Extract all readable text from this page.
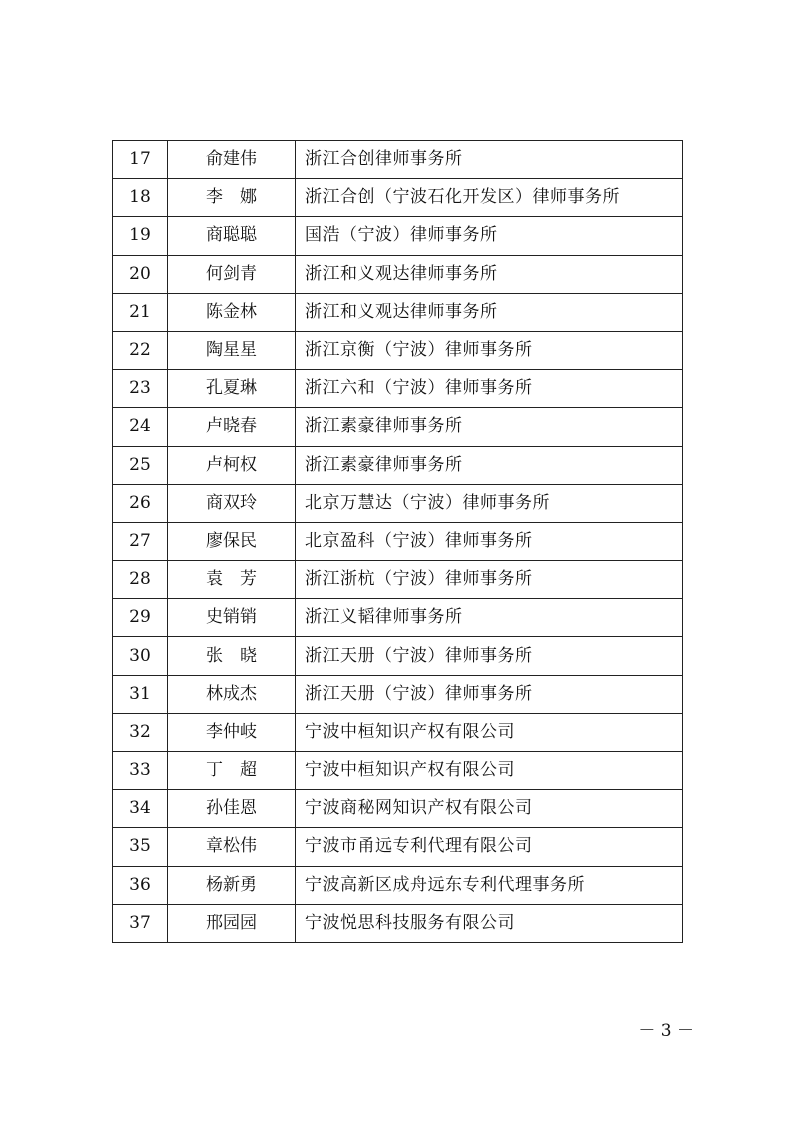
17	俞建伟	浙江合创律师事务所
18	李　娜	浙江合创（宁波石化开发区）律师事务所
19	商聪聪	国浩（宁波）律师事务所
20	何剑青	浙江和义观达律师事务所
21	陈金林	浙江和义观达律师事务所
22	陶星星	浙江京衡（宁波）律师事务所
23	孔夏琳	浙江六和（宁波）律师事务所
24	卢晓春	浙江素豪律师事务所
25	卢柯权	浙江素豪律师事务所
26	商双玲	北京万慧达（宁波）律师事务所
27	廖保民	北京盈科（宁波）律师事务所
28	袁　芳	浙江浙杭（宁波）律师事务所
29	史销销	浙江义韬律师事务所
30	张　晓	浙江天册（宁波）律师事务所
31	林成杰	浙江天册（宁波）律师事务所
32	李仲岐	宁波中桓知识产权有限公司
33	丁　超	宁波中桓知识产权有限公司
34	孙佳恩	宁波商秘网知识产权有限公司
35	章松伟	宁波市甬远专利代理有限公司
36	杨新勇	宁波高新区成舟远东专利代理事务所
37	邢园园	宁波悦思科技服务有限公司
－ 3 －
